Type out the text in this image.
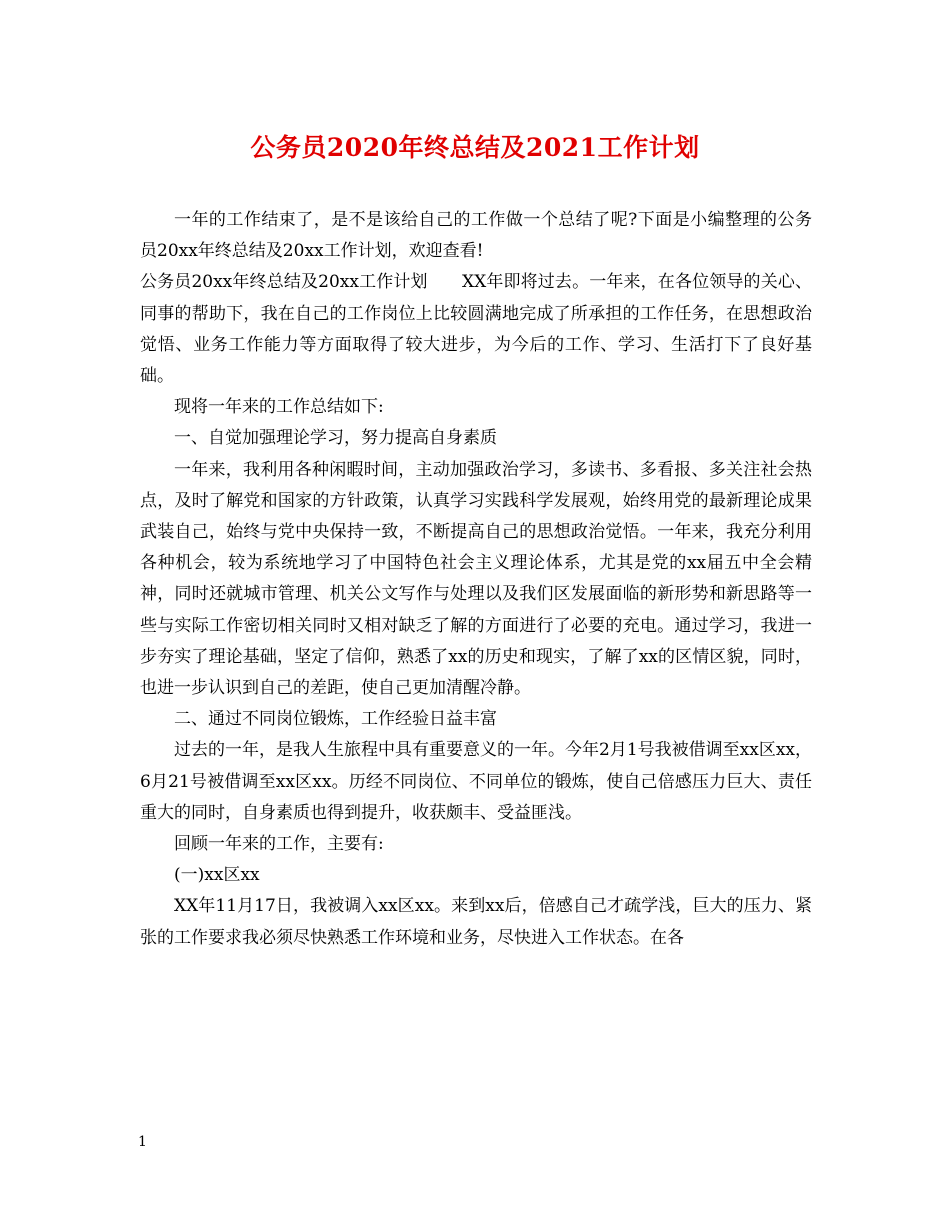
公务员2020年终总结及2021工作计划

一年的工作结束了，是不是该给自己的工作做一个总结了呢?下面是小编整理的公务员20xx年终总结及20xx工作计划，欢迎查看!

公务员20xx年终总结及20xx工作计划　　XX年即将过去。一年来，在各位领导的关心、同事的帮助下，我在自己的工作岗位上比较圆满地完成了所承担的工作任务，在思想政治觉悟、业务工作能力等方面取得了较大进步，为今后的工作、学习、生活打下了良好基础。

现将一年来的工作总结如下:

一、自觉加强理论学习，努力提高自身素质

一年来，我利用各种闲暇时间，主动加强政治学习，多读书、多看报、多关注社会热点，及时了解党和国家的方针政策，认真学习实践科学发展观，始终用党的最新理论成果武装自己，始终与党中央保持一致，不断提高自己的思想政治觉悟。一年来，我充分利用各种机会，较为系统地学习了中国特色社会主义理论体系，尤其是党的xx届五中全会精神，同时还就城市管理、机关公文写作与处理以及我们区发展面临的新形势和新思路等一些与实际工作密切相关同时又相对缺乏了解的方面进行了必要的充电。通过学习，我进一步夯实了理论基础，坚定了信仰，熟悉了xx的历史和现实，了解了xx的区情区貌，同时，也进一步认识到自己的差距，使自己更加清醒冷静。

二、通过不同岗位锻炼，工作经验日益丰富

过去的一年，是我人生旅程中具有重要意义的一年。今年2月1号我被借调至xx区xx，6月21号被借调至xx区xx。历经不同岗位、不同单位的锻炼，使自己倍感压力巨大、责任重大的同时，自身素质也得到提升，收获颇丰、受益匪浅。

回顾一年来的工作，主要有:

(一)xx区xx

XX年11月17日，我被调入xx区xx。来到xx后，倍感自己才疏学浅，巨大的压力、紧张的工作要求我必须尽快熟悉工作环境和业务，尽快进入工作状态。在各

1
